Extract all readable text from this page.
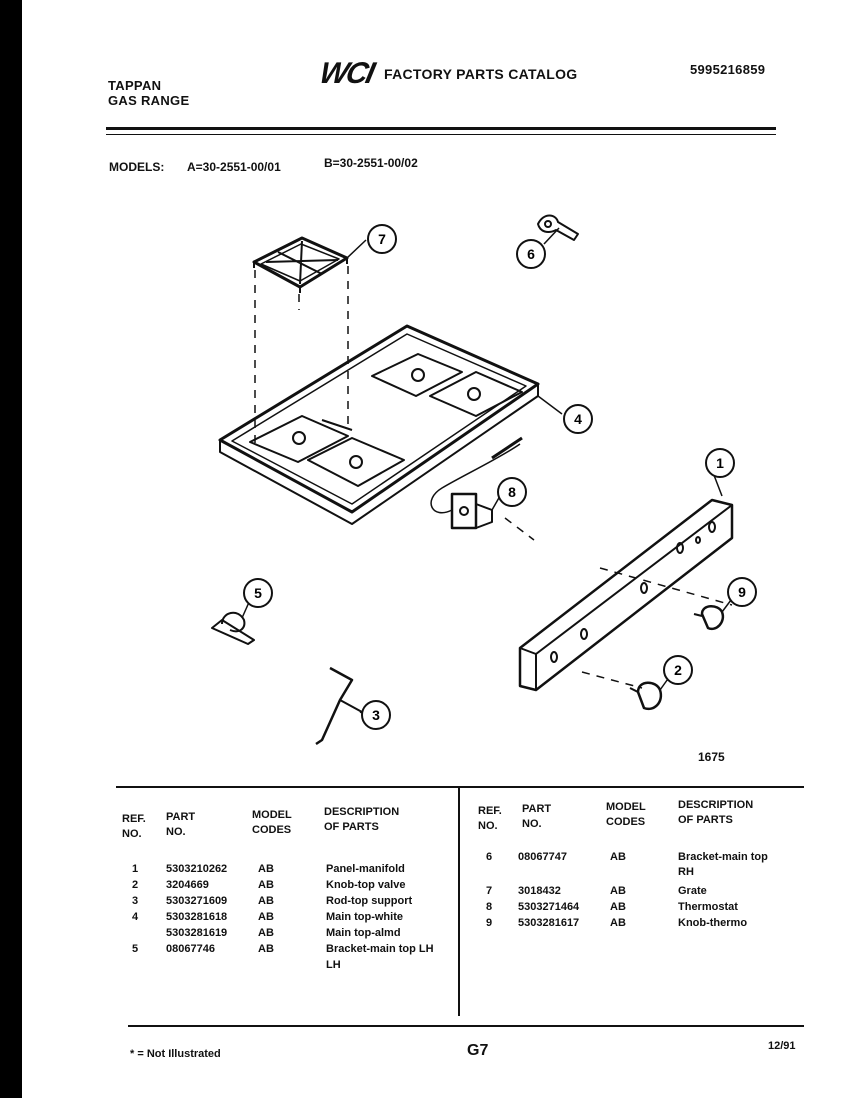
TAPPAN
GAS RANGE
WCI FACTORY PARTS CATALOG	5995216859
MODELS: A=30-2551-00/01	B=30-2551-00/02
7
6
4
8
1
5	9
2
3
1675
REF.
NO.
PART
NO.
MODEL
CODES
DESCRIPTION
OF PARTS
REF.
NO.
PART
NO.
MODEL
CODES
DESCRIPTION
OF PARTS
1	5303210262	AB	Panel-manifold
2	3204669	AB	Knob-top valve
3	5303271609	AB	Rod-top support
4	5303281618	AB	Main top-white
5303281619	AB	Main top-almd
5	08067746	AB	Bracket-main top LH
LH
6 08067747	AB	Bracket-main top
RH
7 3018432	AB	Grate
8 5303271464	AB	Thermostat
9 5303281617	AB	Knob-thermo
* = Not Illustrated	G7	12/91
